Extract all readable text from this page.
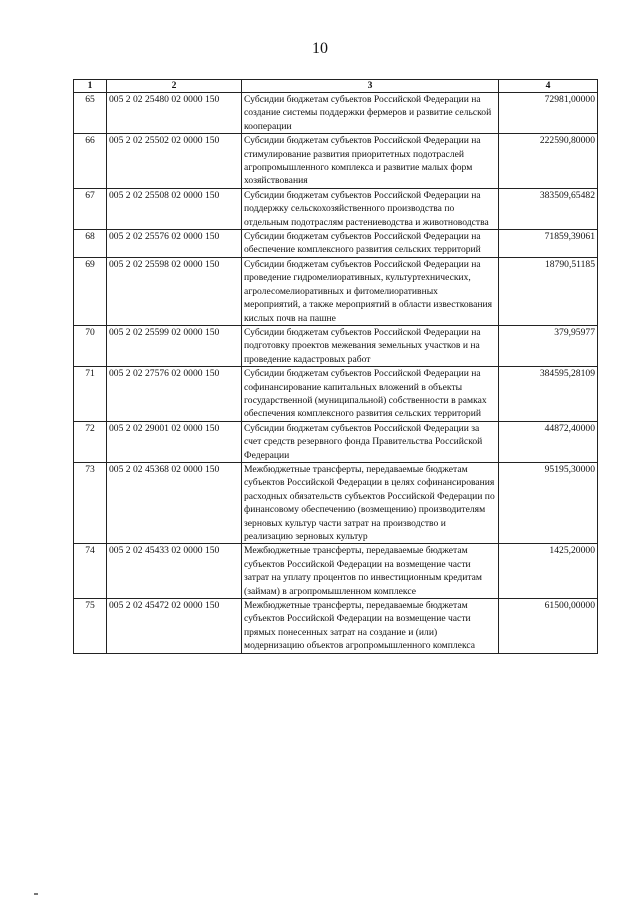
10
1	2	3	4
65	005 2 02 25480 02 0000 150	Субсидии бюджетам субъектов Российской Федерации на создание системы поддержки фермеров и развитие сельской кооперации	72981,00000
66	005 2 02 25502 02 0000 150	Субсидии бюджетам субъектов Российской Федерации на стимулирование развития приоритетных подотраслей агропромышленного комплекса и развитие малых форм хозяйствования	222590,80000
67	005 2 02 25508 02 0000 150	Субсидии бюджетам субъектов Российской Федерации на поддержку сельскохозяйственного производства по отдельным подотраслям растениеводства и животноводства	383509,65482
68	005 2 02 25576 02 0000 150	Субсидии бюджетам субъектов Российской Федерации на обеспечение комплексного развития сельских территорий	71859,39061
69	005 2 02 25598 02 0000 150	Субсидии бюджетам субъектов Российской Федерации на проведение гидромелиоративных, культуртехнических, агролесомелиоративных и фитомелиоративных мероприятий, а также мероприятий в области известкования кислых почв на пашне	18790,51185
70	005 2 02 25599 02 0000 150	Субсидии бюджетам субъектов Российской Федерации на подготовку проектов межевания земельных участков и на проведение кадастровых работ	379,95977
71	005 2 02 27576 02 0000 150	Субсидии бюджетам субъектов Российской Федерации на софинансирование капитальных вложений в объекты государственной (муниципальной) собственности в рамках обеспечения комплексного развития сельских территорий	384595,28109
72	005 2 02 29001 02 0000 150	Субсидии бюджетам субъектов Российской Федерации за счет средств резервного фонда Правительства Российской Федерации	44872,40000
73	005 2 02 45368 02 0000 150	Межбюджетные трансферты, передаваемые бюджетам субъектов Российской Федерации в целях софинансирования расходных обязательств субъектов Российской Федерации по финансовому обеспечению (возмещению) производителям зерновых культур части затрат на производство и реализацию зерновых культур	95195,30000
74	005 2 02 45433 02 0000 150	Межбюджетные трансферты, передаваемые бюджетам субъектов Российской Федерации на возмещение части затрат на уплату процентов по инвестиционным кредитам (займам) в агропромышленном комплексе	1425,20000
75	005 2 02 45472 02 0000 150	Межбюджетные трансферты, передаваемые бюджетам субъектов Российской Федерации на возмещение части прямых понесенных затрат на создание и (или) модернизацию объектов агропромышленного комплекса	61500,00000
